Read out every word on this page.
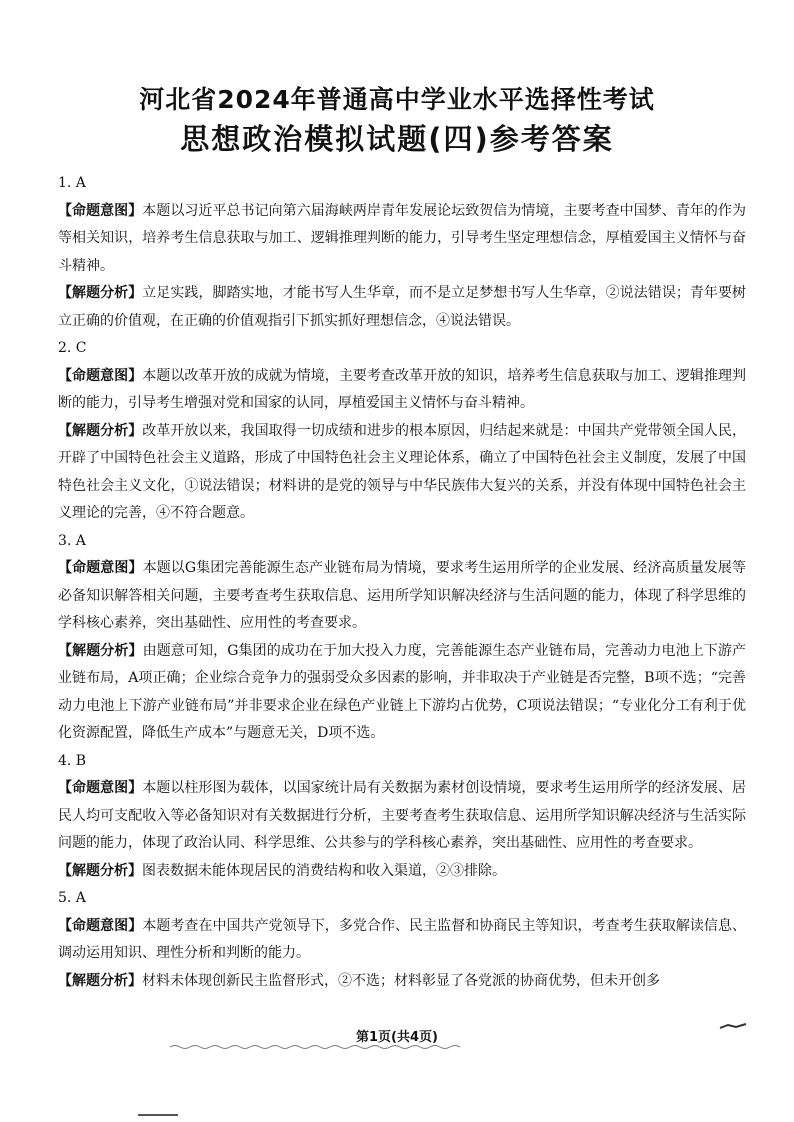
河北省2024年普通高中学业水平选择性考试
思想政治模拟试题(四)参考答案

1. A

【命题意图】本题以习近平总书记向第六届海峡两岸青年发展论坛致贺信为情境，主要考查中国梦、青年的作为等相关知识，培养考生信息获取与加工、逻辑推理判断的能力，引导考生坚定理想信念，厚植爱国主义情怀与奋斗精神。

【解题分析】立足实践，脚踏实地，才能书写人生华章，而不是立足梦想书写人生华章，②说法错误；青年要树立正确的价值观，在正确的价值观指引下抓实抓好理想信念，④说法错误。

2. C

【命题意图】本题以改革开放的成就为情境，主要考查改革开放的知识，培养考生信息获取与加工、逻辑推理判断的能力，引导考生增强对党和国家的认同，厚植爱国主义情怀与奋斗精神。

【解题分析】改革开放以来，我国取得一切成绩和进步的根本原因，归结起来就是：中国共产党带领全国人民，开辟了中国特色社会主义道路，形成了中国特色社会主义理论体系，确立了中国特色社会主义制度，发展了中国特色社会主义文化，①说法错误；材料讲的是党的领导与中华民族伟大复兴的关系，并没有体现中国特色社会主义理论的完善，④不符合题意。

3. A

【命题意图】本题以G集团完善能源生态产业链布局为情境，要求考生运用所学的企业发展、经济高质量发展等必备知识解答相关问题，主要考查考生获取信息、运用所学知识解决经济与生活问题的能力，体现了科学思维的学科核心素养，突出基础性、应用性的考查要求。

【解题分析】由题意可知，G集团的成功在于加大投入力度，完善能源生态产业链布局，完善动力电池上下游产业链布局，A项正确；企业综合竞争力的强弱受众多因素的影响，并非取决于产业链是否完整，B项不选；“完善动力电池上下游产业链布局”并非要求企业在绿色产业链上下游均占优势，C项说法错误；“专业化分工有利于优化资源配置，降低生产成本”与题意无关，D项不选。

4. B

【命题意图】本题以柱形图为载体，以国家统计局有关数据为素材创设情境，要求考生运用所学的经济发展、居民人均可支配收入等必备知识对有关数据进行分析，主要考查考生获取信息、运用所学知识解决经济与生活实际问题的能力，体现了政治认同、科学思维、公共参与的学科核心素养，突出基础性、应用性的考查要求。

【解题分析】图表数据未能体现居民的消费结构和收入渠道，②③排除。

5. A

【命题意图】本题考查在中国共产党领导下，多党合作、民主监督和协商民主等知识，考查考生获取解读信息、调动运用知识、理性分析和判断的能力。

【解题分析】材料未体现创新民主监督形式，②不选；材料彰显了各党派的协商优势，但未开创多

第1页(共4页)
